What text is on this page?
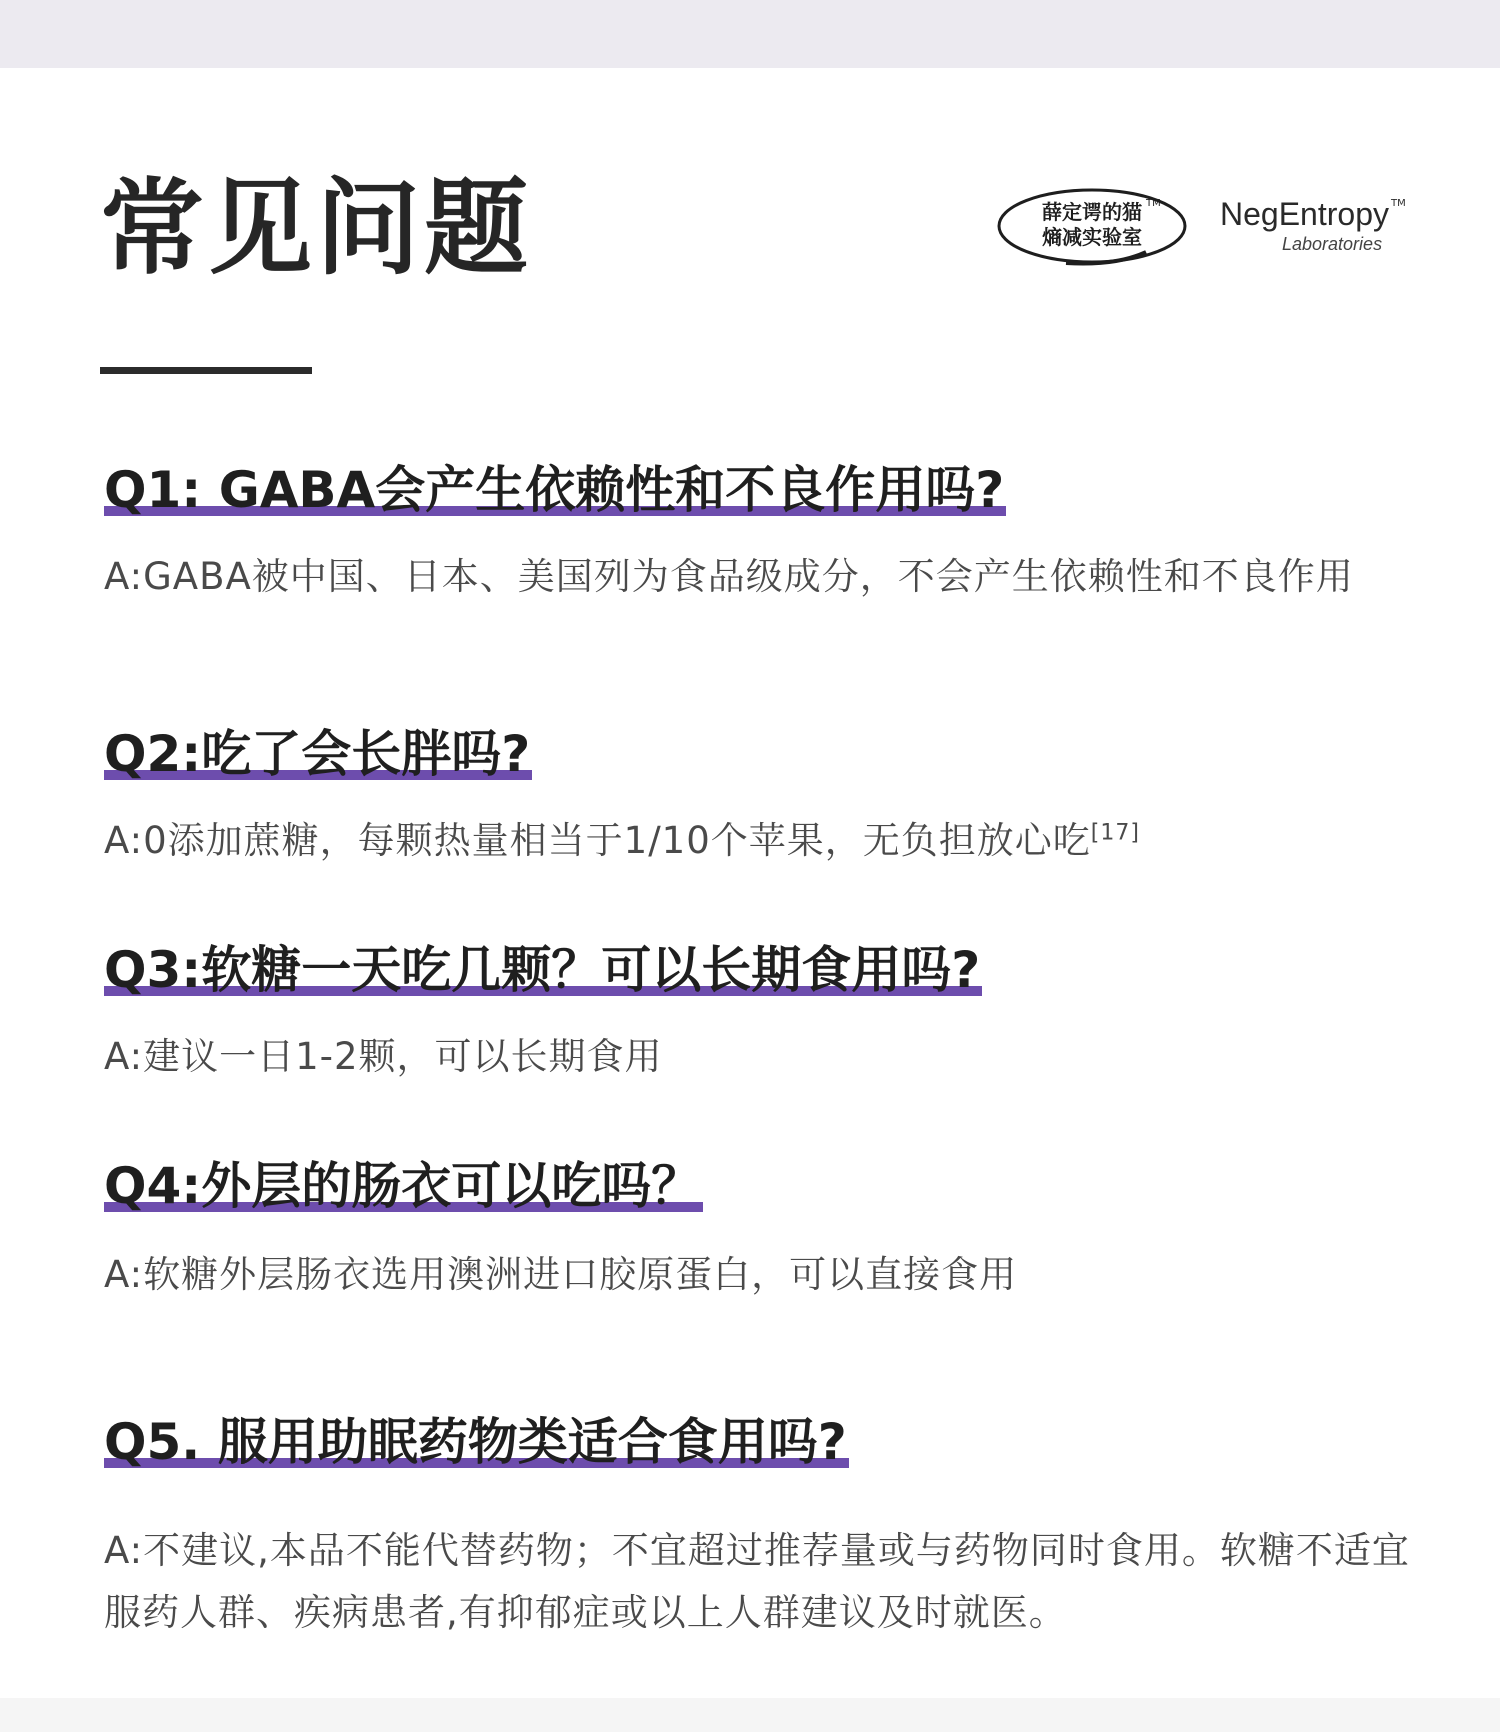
常见问题	薛定谔的猫
熵减实验室
TM NegEntropy TM
Laboratories
Q1: GABA会产生依赖性和不良作用吗?

A:GABA被中国、日本、美国列为食品级成分，不会产生依赖性和不良作用

Q2:吃了会长胖吗?

A:0添加蔗糖，每颗热量相当于1/10个苹果，无负担放心吃[17]

Q3:软糖一天吃几颗？可以长期食用吗?

A:建议一日1-2颗，可以长期食用

Q4:外层的肠衣可以吃吗？

A:软糖外层肠衣选用澳洲进口胶原蛋白，可以直接食用

Q5. 服用助眠药物类适合食用吗?

A:不建议,本品不能代替药物；不宜超过推荐量或与药物同时食用。软糖不适宜服药人群、疾病患者,有抑郁症或以上人群建议及时就医。
